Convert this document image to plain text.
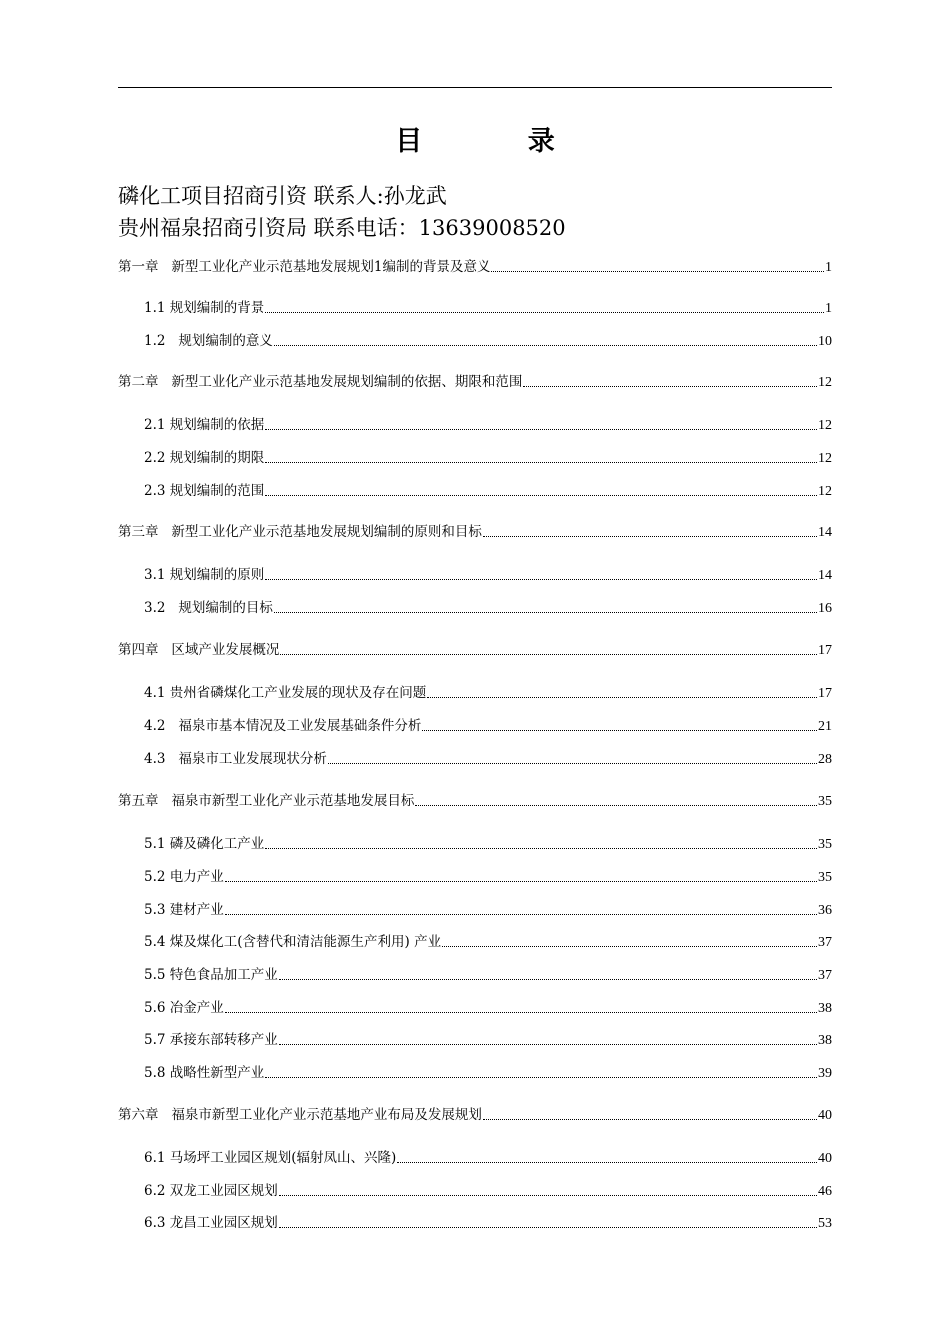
目 录
磷化工项目招商引资 联系人:孙龙武
贵州福泉招商引资局 联系电话：13639008520
第一章   新型工业化产业示范基地发展规划1编制的背景及意义	1
1.1 规划编制的背景	1
1.2   规划编制的意义	10
第二章   新型工业化产业示范基地发展规划编制的依据、期限和范围	12
2.1 规划编制的依据	12
2.2 规划编制的期限	12
2.3 规划编制的范围	12
第三章   新型工业化产业示范基地发展规划编制的原则和目标	14
3.1 规划编制的原则	14
3.2   规划编制的目标	16
第四章   区域产业发展概况	17
4.1 贵州省磷煤化工产业发展的现状及存在问题	17
4.2   福泉市基本情况及工业发展基础条件分析	21
4.3   福泉市工业发展现状分析	28
第五章   福泉市新型工业化产业示范基地发展目标	35
5.1 磷及磷化工产业	35
5.2 电力产业	35
5.3 建材产业	36
5.4 煤及煤化工(含替代和清洁能源生产利用) 产业	37
5.5 特色食品加工产业	37
5.6 冶金产业	38
5.7 承接东部转移产业	38
5.8 战略性新型产业	39
第六章   福泉市新型工业化产业示范基地产业布局及发展规划	40
6.1 马场坪工业园区规划(辐射凤山、兴隆)	40
6.2 双龙工业园区规划	46
6.3 龙昌工业园区规划	53
